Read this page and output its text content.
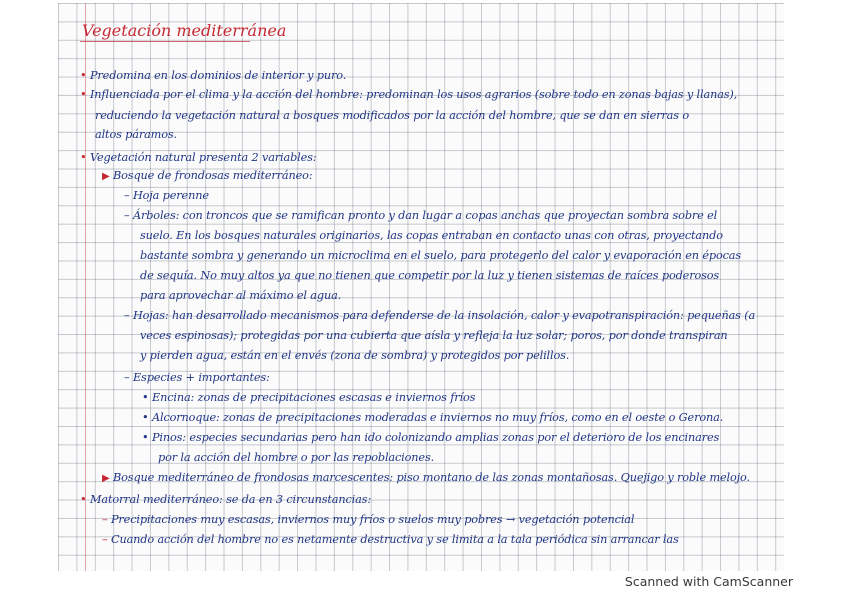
Vegetación mediterránea
• Predomina en los dominios de interior y puro.
• Influenciada por el clima y la acción del hombre: predominan los usos agrarios (sobre todo en zonas bajas y llanas),
reduciendo la vegetación natural a bosques modificados por la acción del hombre, que se dan en sierras o
altos páramos.
• Vegetación natural presenta 2 variables:
▶ Bosque de frondosas mediterráneo:
– Hoja perenne
– Árboles: con troncos que se ramifican pronto y dan lugar a copas anchas que proyectan sombra sobre el
suelo. En los bosques naturales originarios, las copas entraban en contacto unas con otras, proyectando
bastante sombra y generando un microclima en el suelo, para protegerlo del calor y evaporación en épocas
de sequía. No muy altos ya que no tienen que competir por la luz y tienen sistemas de raíces poderosos
para aprovechar al máximo el agua.
– Hojas: han desarrollado mecanismos para defenderse de la insolación, calor y evapotranspiración: pequeñas (a
veces espinosas); protegidas por una cubierta que aísla y refleja la luz solar; poros, por donde transpiran
y pierden agua, están en el envés (zona de sombra) y protegidos por pelillos.
– Especies + importantes:
• Encina: zonas de precipitaciones escasas e inviernos fríos
• Alcornoque: zonas de precipitaciones moderadas e inviernos no muy fríos, como en el oeste o Gerona.
• Pinos: especies secundarias pero han ido colonizando amplias zonas por el deterioro de los encinares
por la acción del hombre o por las repoblaciones.
▶ Bosque mediterráneo de frondosas marcescentes: piso montano de las zonas montañosas. Quejigo y roble melojo.
• Matorral mediterráneo: se da en 3 circunstancias:
– Precipitaciones muy escasas, inviernos muy fríos o suelos muy pobres → vegetación potencial
– Cuando acción del hombre no es netamente destructiva y se limita a la tala periódica sin arrancar las
Scanned with CamScanner
